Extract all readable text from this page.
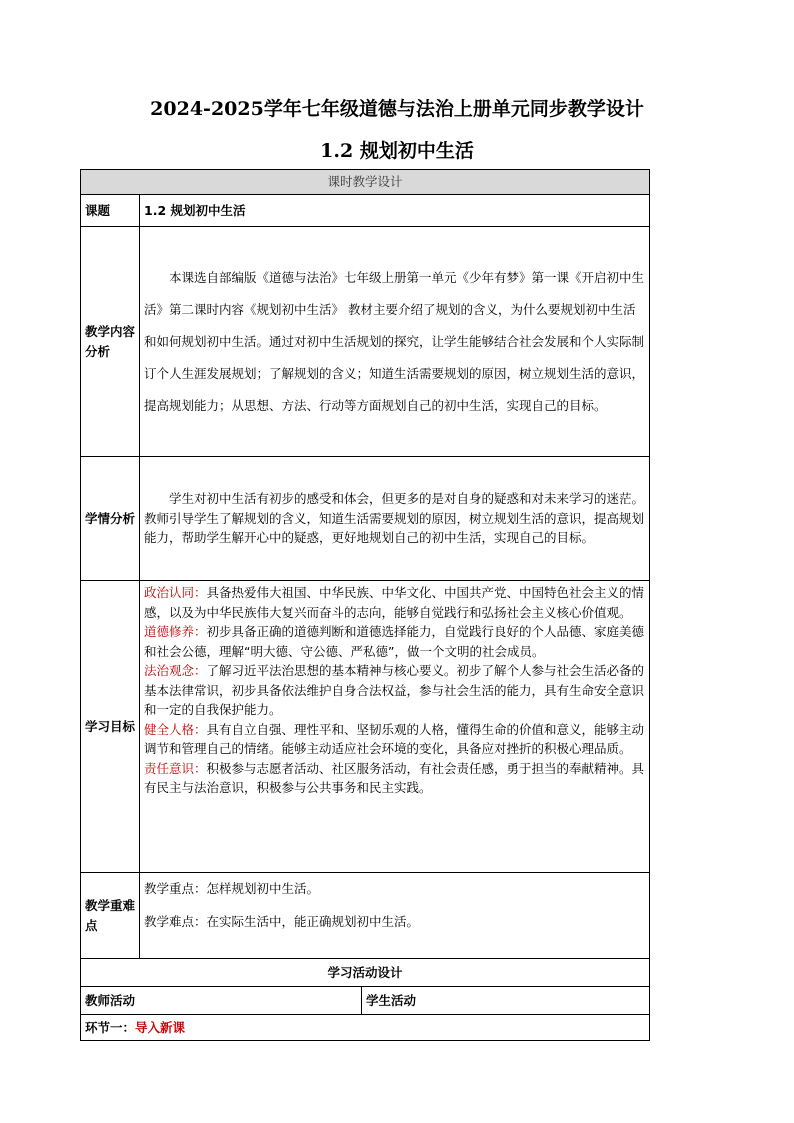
2024-2025学年七年级道德与法治上册单元同步教学设计
1.2 规划初中生活
课时教学设计		
课题	1.2 规划初中生活	
教学内容分析	本课选自部编版《道德与法治》七年级上册第一单元《少年有梦》第一课《开启初中生活》第二课时内容《规划初中生活》 教材主要介绍了规划的含义，为什么要规划初中生活和如何规划初中生活。通过对初中生活规划的探究，让学生能够结合社会发展和个人实际制订个人生涯发展规划；了解规划的含义；知道生活需要规划的原因，树立规划生活的意识，提高规划能力；从思想、方法、行动等方面规划自己的初中生活，实现自己的目标。	

学情分析	学生对初中生活有初步的感受和体会，但更多的是对自身的疑惑和对未来学习的迷茫。教师引导学生了解规划的含义，知道生活需要规划的原因，树立规划生活的意识，提高规划能力，帮助学生解开心中的疑惑，更好地规划自己的初中生活，实现自己的目标。	

学习目标	政治认同：具备热爱伟大祖国、中华民族、中华文化、中国共产党、中国特色社会主义的情感，以及为中华民族伟大复兴而奋斗的志向，能够自觉践行和弘扬社会主义核心价值观。

道德修养：初步具备正确的道德判断和道德选择能力，自觉践行良好的个人品德、家庭美德和社会公德，理解“明大德、守公德、严私德”，做一个文明的社会成员。

法治观念：了解习近平法治思想的基本精神与核心要义。初步了解个人参与社会生活必备的基本法律常识，初步具备依法维护自身合法权益，参与社会生活的能力，具有生命安全意识和一定的自我保护能力。

健全人格：具有自立自强、理性平和、坚韧乐观的人格，懂得生命的价值和意义，能够主动调节和管理自己的情绪。能够主动适应社会环境的变化，具备应对挫折的积极心理品质。

责任意识：积极参与志愿者活动、社区服务活动，有社会责任感，勇于担当的奉献精神。具有民主与法治意识，积极参与公共事务和民主实践。	

教学重难点	教学重点：怎样规划初中生活。

教学难点：在实际生活中，能正确规划初中生活。	

学习活动设计		
教师活动		学生活动
环节一：导入新课		
